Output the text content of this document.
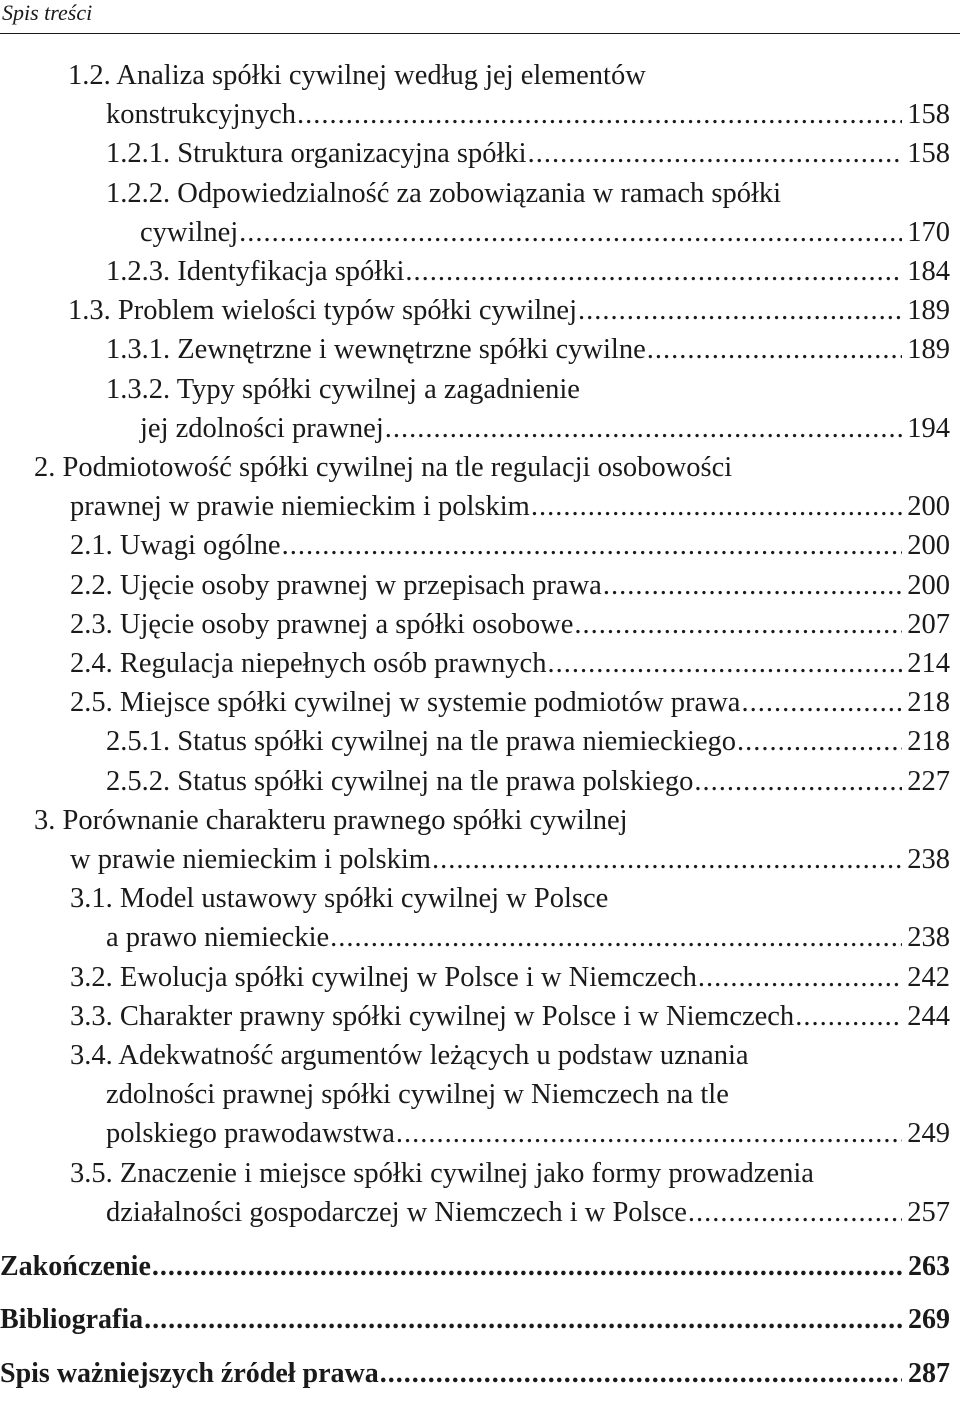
Spis treści
1.2. Analiza spółki cywilnej według jej elementów
konstrukcyjnych .....	158
1.2.1. Struktura organizacyjna spółki .....	158
1.2.2. Odpowiedzialność za zobowiązania w ramach spółki
cywilnej .....	170
1.2.3. Identyfikacja spółki .....	184
1.3. Problem wielości typów spółki cywilnej .....	189
1.3.1. Zewnętrzne i wewnętrzne spółki cywilne .....	189
1.3.2. Typy spółki cywilnej a zagadnienie
jej zdolności prawnej .....	194
2. Podmiotowość spółki cywilnej na tle regulacji osobowości
prawnej w prawie niemieckim i polskim .....	200
2.1. Uwagi ogólne .....	200
2.2. Ujęcie osoby prawnej w przepisach prawa .....	200
2.3. Ujęcie osoby prawnej a spółki osobowe .....	207
2.4. Regulacja niepełnych osób prawnych .....	214
2.5. Miejsce spółki cywilnej w systemie podmiotów prawa .....	218
2.5.1. Status spółki cywilnej na tle prawa niemieckiego .....	218
2.5.2. Status spółki cywilnej na tle prawa polskiego .....	227
3. Porównanie charakteru prawnego spółki cywilnej
w prawie niemieckim i polskim .....	238
3.1. Model ustawowy spółki cywilnej w Polsce
a prawo niemieckie .....	238
3.2. Ewolucja spółki cywilnej w Polsce i w Niemczech .....	242
3.3. Charakter prawny spółki cywilnej w Polsce i w Niemczech .....	244
3.4. Adekwatność argumentów leżących u podstaw uznania
zdolności prawnej spółki cywilnej w Niemczech na tle
polskiego prawodawstwa .....	249
3.5. Znaczenie i miejsce spółki cywilnej jako formy prowadzenia
działalności gospodarczej w Niemczech i w Polsce .....	257
Zakończenie .....	263
Bibliografia .....	269
Spis ważniejszych źródeł prawa .....	287
